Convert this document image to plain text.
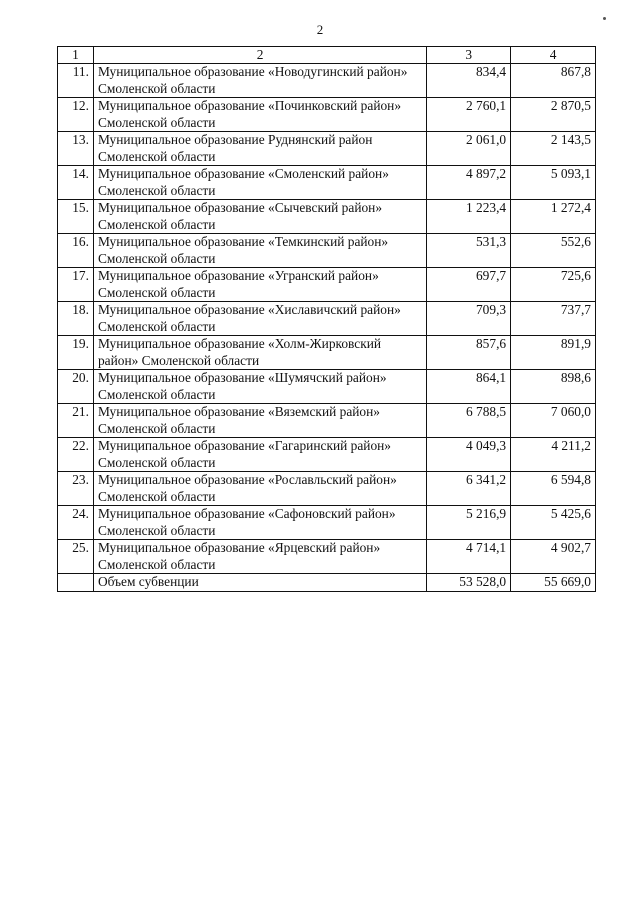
2
1	2	3	4
11.	Муниципальное образование «Новодугинский район» Смоленской области	834,4	867,8
12.	Муниципальное образование «Починковский район» Смоленской области	2 760,1	2 870,5
13.	Муниципальное образование Руднянский район Смоленской области	2 061,0	2 143,5
14.	Муниципальное образование «Смоленский район» Смоленской области	4 897,2	5 093,1
15.	Муниципальное образование «Сычевский район» Смоленской области	1 223,4	1 272,4
16.	Муниципальное образование «Темкинский район» Смоленской области	531,3	552,6
17.	Муниципальное образование «Угранский район» Смоленской области	697,7	725,6
18.	Муниципальное образование «Хиславичский район» Смоленской области	709,3	737,7
19.	Муниципальное образование «Холм-Жирковский район» Смоленской области	857,6	891,9
20.	Муниципальное образование «Шумячский район» Смоленской области	864,1	898,6
21.	Муниципальное образование «Вяземский район» Смоленской области	6 788,5	7 060,0
22.	Муниципальное образование «Гагаринский район» Смоленской области	4 049,3	4 211,2
23.	Муниципальное образование «Рославльский район» Смоленской области	6 341,2	6 594,8
24.	Муниципальное образование «Сафоновский район» Смоленской области	5 216,9	5 425,6
25.	Муниципальное образование «Ярцевский район» Смоленской области	4 714,1	4 902,7
	Объем субвенции	53 528,0	55 669,0
